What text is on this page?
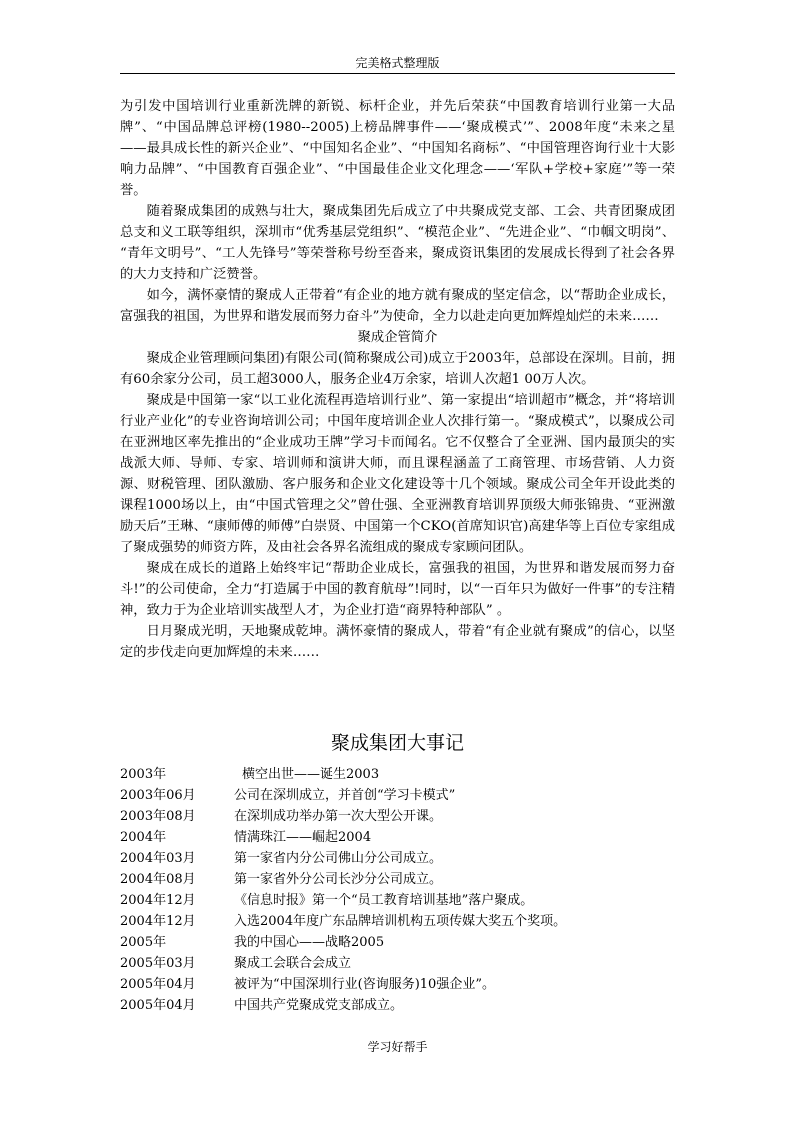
完美格式整理版

为引发中国培训行业重新洗牌的新锐、标杆企业，并先后荣获“中国教育培训行业第一大品牌”、“中国品牌总评榜(1980--2005)上榜品牌事件——‘聚成模式’”、2008年度“未来之星——最具成长性的新兴企业”、“中国知名企业”、“中国知名商标”、“中国管理咨询行业十大影响力品牌”、“中国教育百强企业”、“中国最佳企业文化理念——‘军队+学校+家庭’”等一荣誉。

随着聚成集团的成熟与壮大，聚成集团先后成立了中共聚成党支部、工会、共青团聚成团总支和义工联等组织，深圳市“优秀基层党组织”、“模范企业”、“先进企业”、“巾帼文明岗”、 “青年文明号”、“工人先锋号”等荣誉称号纷至沓来，聚成资讯集团的发展成长得到了社会各界的大力支持和广泛赞誉。

如今，满怀豪情的聚成人正带着“有企业的地方就有聚成的坚定信念，以“帮助企业成长，富强我的祖国，为世界和谐发展而努力奋斗”为使命，全力以赴走向更加辉煌灿烂的未来……

聚成企管简介

聚成企业管理顾问集团)有限公司(简称聚成公司)成立于2003年，总部设在深圳。目前，拥有60余家分公司，员工超3000人，服务企业4万余家，培训人次超1 00万人次。

聚成是中国第一家“以工业化流程再造培训行业”、第一家提出“培训超市”概念，并“将培训行业产业化”的专业咨询培训公司；中国年度培训企业人次排行第一。“聚成模式”，以聚成公司在亚洲地区率先推出的“企业成功王牌”学习卡而闻名。它不仅整合了全亚洲、国内最顶尖的实战派大师、导师、专家、培训师和演讲大师，而且课程涵盖了工商管理、市场营销、人力资源、财税管理、团队激励、客户服务和企业文化建设等十几个领域。聚成公司全年开设此类的课程1000场以上，由“中国式管理之父”曾仕强、全亚洲教育培训界顶级大师张锦贵、“亚洲激励天后”王琳、“康师傅的师傅”白崇贤、中国第一个CKO(首席知识官)高建华等上百位专家组成了聚成强势的师资方阵，及由社会各界名流组成的聚成专家顾问团队。

聚成在成长的道路上始终牢记“帮助企业成长，富强我的祖国，为世界和谐发展而努力奋斗!”的公司使命，全力“打造属于中国的教育航母”!同时，以“一百年只为做好一件事”的专注精神，致力于为企业培训实战型人才，为企业打造“商界特种部队” 。

日月聚成光明，天地聚成乾坤。满怀豪情的聚成人，带着“有企业就有聚成”的信心，以坚定的步伐走向更加辉煌的未来……

聚成集团大事记
2003年	横空出世——诞生2003
2003年06月	公司在深圳成立，并首创“学习卡模式”
2003年08月	在深圳成功举办第一次大型公开课。
2004年	情满珠江——崛起2004
2004年03月	第一家省内分公司佛山分公司成立。
2004年08月	第一家省外分公司长沙分公司成立。
2004年12月	《信息时报》第一个“员工教育培训基地”落户聚成。
2004年12月	入选2004年度广东品牌培训机构五项传媒大奖五个奖项。
2005年	我的中国心——战略2005
2005年03月	聚成工会联合会成立
2005年04月	被评为“中国深圳行业(咨询服务)10强企业”。
2005年04月	中国共产党聚成党支部成立。
学习好帮手
